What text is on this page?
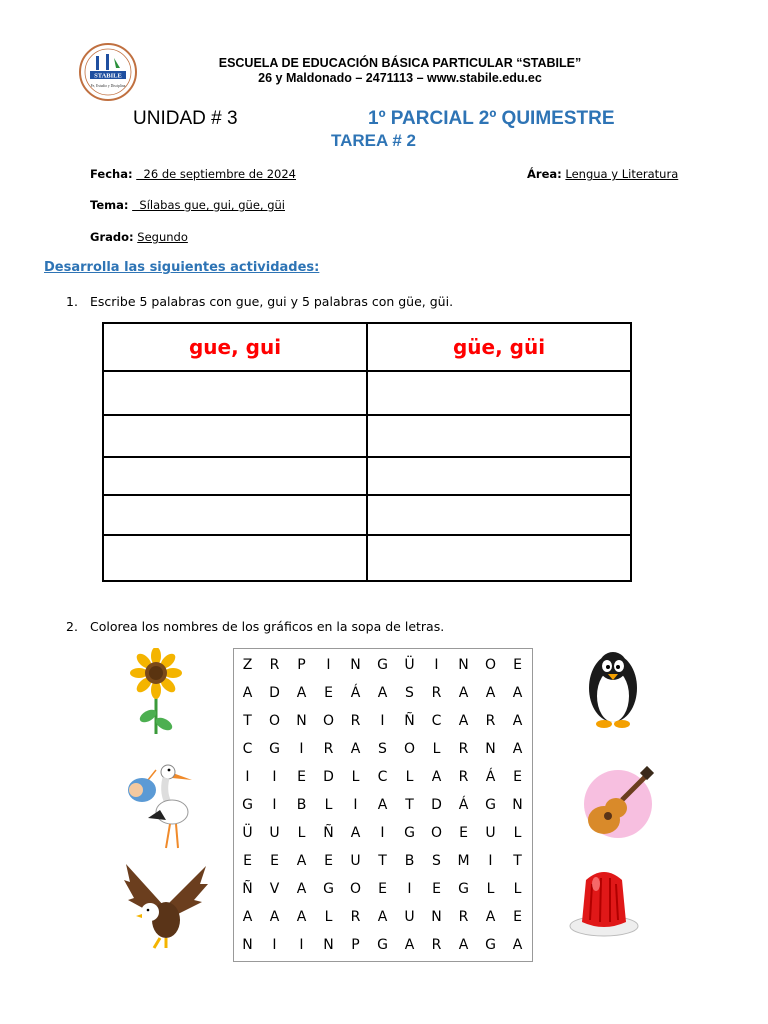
STABILE
Fe, Estudio y Disciplina
ESCUELA DE EDUCACIÓN BÁSICA PARTICULAR “STABILE”
26 y Maldonado – 2471113 – www.stabile.edu.ec
UNIDAD # 3	1º PARCIAL 2º QUIMESTRE
TAREA # 2
Fecha:   26 de septiembre de 2024	Área: Lengua y Literatura
Tema:   Sílabas gue, gui, güe, güi
Grado: Segundo
Desarrolla las siguientes actividades:
1. Escribe 5 palabras con gue, gui y 5 palabras con güe, güi.
gue, gui	güe, güi

2. Colorea los nombres de los gráficos en la sopa de letras.
Z	R	P	I	N	G	Ü	I	N	O	E
A	D	A	E	Á	A	S	R	A	A	A
T	O	N	O	R	I	Ñ	C	A	R	A
C	G	I	R	A	S	O	L	R	N	A
I	I	E	D	L	C	L	A	R	Á	E
G	I	B	L	I	A	T	D	Á	G	N
Ü	U	L	Ñ	A	I	G	O	E	U	L
E	E	A	E	U	T	B	S	M	I	T
Ñ	V	A	G	O	E	I	E	G	L	L
A	A	A	L	R	A	U	N	R	A	E
N	I	I	N	P	G	A	R	A	G	A
